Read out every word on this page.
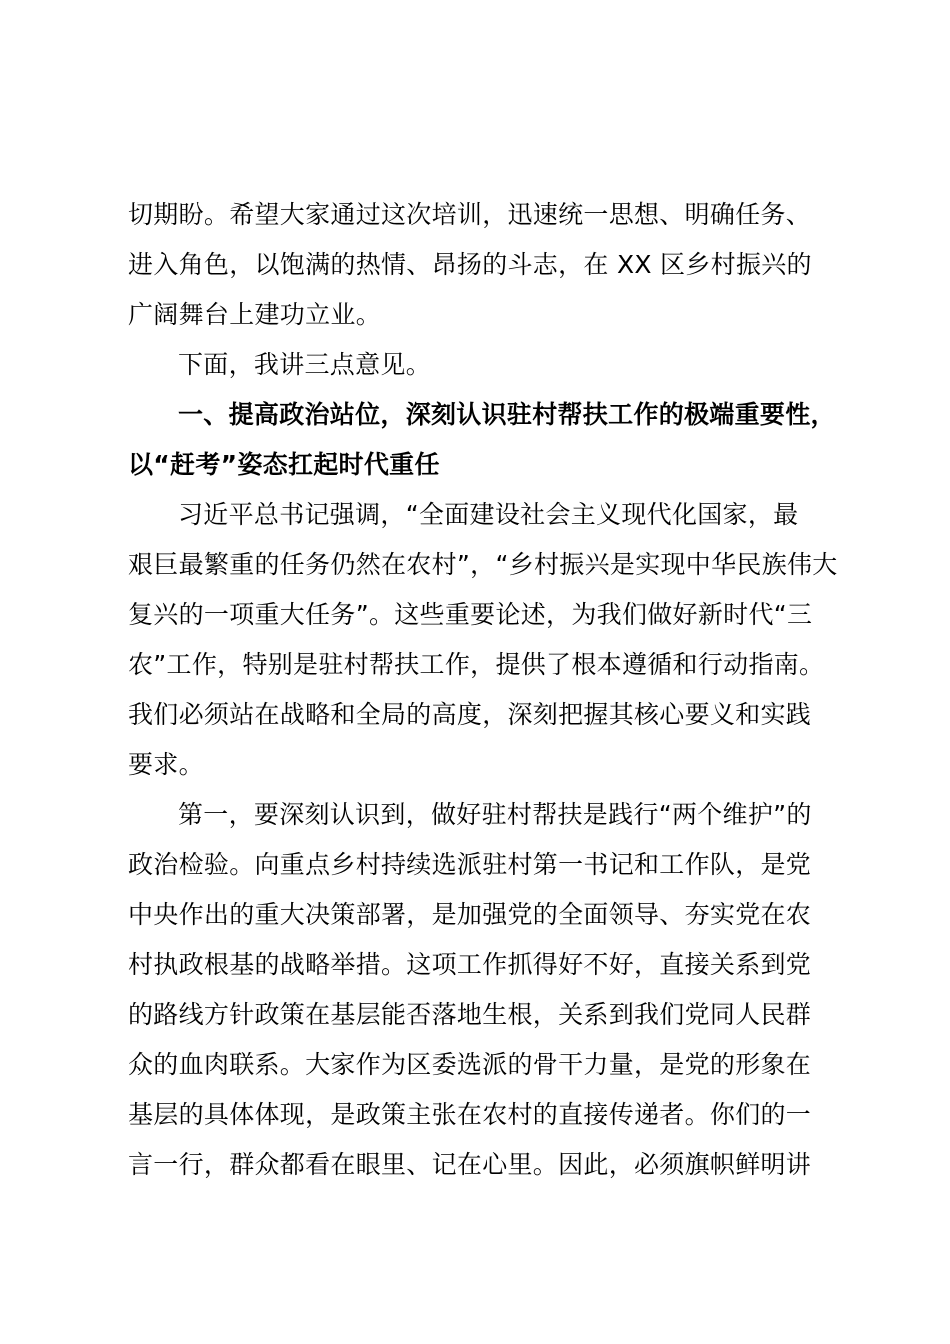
切期盼。希望大家通过这次培训，迅速统一思想、明确任务、
进入角色，以饱满的热情、昂扬的斗志，在 XX 区乡村振兴的
广阔舞台上建功立业。
下面，我讲三点意见。
一、提高政治站位，深刻认识驻村帮扶工作的极端重要性，
以“赶考”姿态扛起时代重任
习近平总书记强调，“全面建设社会主义现代化国家，最
艰巨最繁重的任务仍然在农村”，“乡村振兴是实现中华民族伟大
复兴的一项重大任务”。这些重要论述，为我们做好新时代“三
农”工作，特别是驻村帮扶工作，提供了根本遵循和行动指南。
我们必须站在战略和全局的高度，深刻把握其核心要义和实践
要求。
第一，要深刻认识到，做好驻村帮扶是践行“两个维护”的
政治检验。向重点乡村持续选派驻村第一书记和工作队，是党
中央作出的重大决策部署，是加强党的全面领导、夯实党在农
村执政根基的战略举措。这项工作抓得好不好，直接关系到党
的路线方针政策在基层能否落地生根，关系到我们党同人民群
众的血肉联系。大家作为区委选派的骨干力量，是党的形象在
基层的具体体现，是政策主张在农村的直接传递者。你们的一
言一行，群众都看在眼里、记在心里。因此，必须旗帜鲜明讲
